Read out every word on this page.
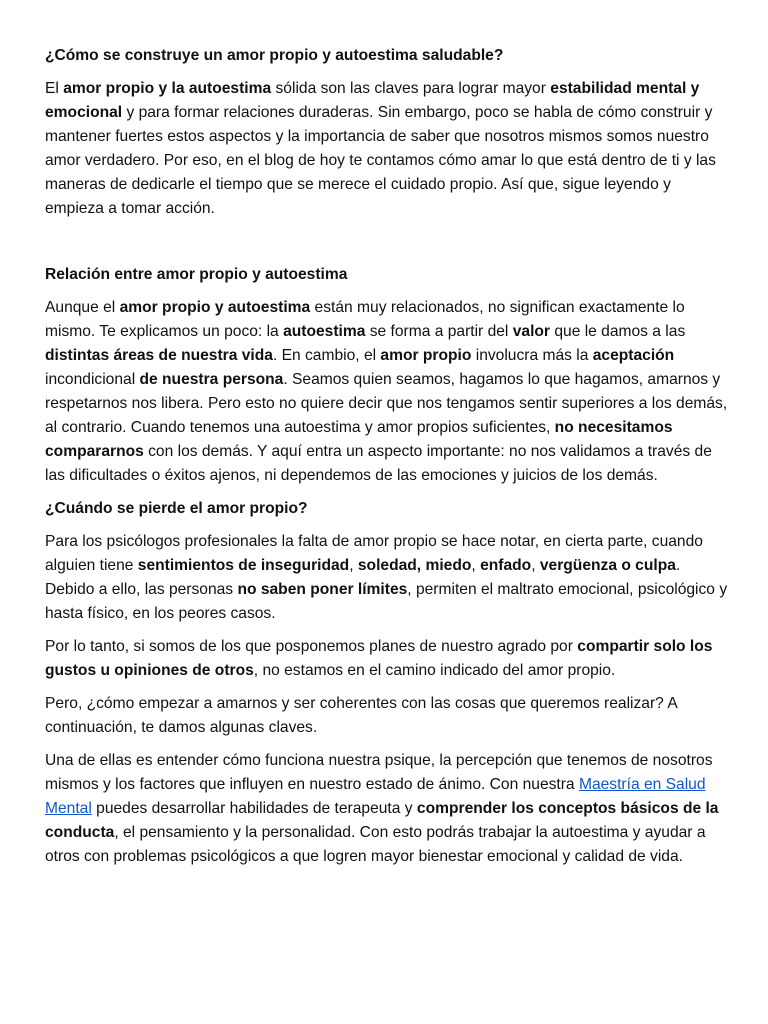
¿Cómo se construye un amor propio y autoestima saludable?

El amor propio y la autoestima sólida son las claves para lograr mayor estabilidad mental y emocional y para formar relaciones duraderas. Sin embargo, poco se habla de cómo construir y mantener fuertes estos aspectos y la importancia de saber que nosotros mismos somos nuestro amor verdadero. Por eso, en el blog de hoy te contamos cómo amar lo que está dentro de ti y las maneras de dedicarle el tiempo que se merece el cuidado propio. Así que, sigue leyendo y empieza a tomar acción.

Relación entre amor propio y autoestima

Aunque el amor propio y autoestima están muy relacionados, no significan exactamente lo mismo. Te explicamos un poco: la autoestima se forma a partir del valor que le damos a las distintas áreas de nuestra vida. En cambio, el amor propio involucra más la aceptación incondicional de nuestra persona. Seamos quien seamos, hagamos lo que hagamos, amarnos y respetarnos nos libera. Pero esto no quiere decir que nos tengamos sentir superiores a los demás, al contrario. Cuando tenemos una autoestima y amor propios suficientes, no necesitamos compararnos con los demás. Y aquí entra un aspecto importante: no nos validamos a través de las dificultades o éxitos ajenos, ni dependemos de las emociones y juicios de los demás.

¿Cuándo se pierde el amor propio?

Para los psicólogos profesionales la falta de amor propio se hace notar, en cierta parte, cuando alguien tiene sentimientos de inseguridad, soledad, miedo, enfado, vergüenza o culpa. Debido a ello, las personas no saben poner límites, permiten el maltrato emocional, psicológico y hasta físico, en los peores casos.

Por lo tanto, si somos de los que posponemos planes de nuestro agrado por compartir solo los gustos u opiniones de otros, no estamos en el camino indicado del amor propio.

Pero, ¿cómo empezar a amarnos y ser coherentes con las cosas que queremos realizar? A continuación, te damos algunas claves.

Una de ellas es entender cómo funciona nuestra psique, la percepción que tenemos de nosotros mismos y los factores que influyen en nuestro estado de ánimo. Con nuestra Maestría en Salud Mental puedes desarrollar habilidades de terapeuta y comprender los conceptos básicos de la conducta, el pensamiento y la personalidad. Con esto podrás trabajar la autoestima y ayudar a otros con problemas psicológicos a que logren mayor bienestar emocional y calidad de vida.
